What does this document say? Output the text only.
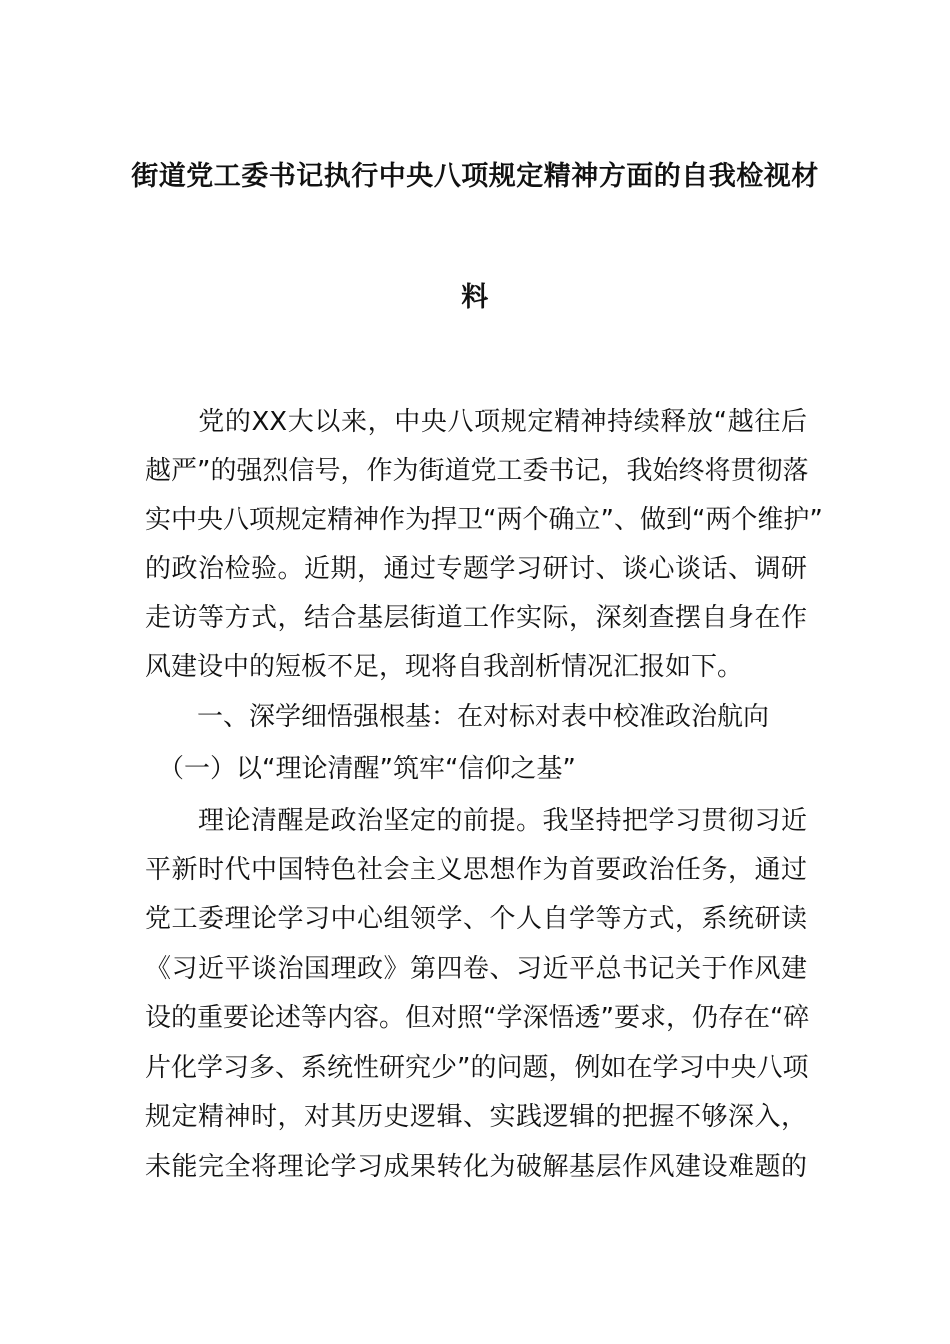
街道党工委书记执行中央八项规定精神方面的自我检视材
料
　　党的XX大以来，中央八项规定精神持续释放“越往后
越严”的强烈信号，作为街道党工委书记，我始终将贯彻落
实中央八项规定精神作为捍卫“两个确立”、做到“两个维护”
的政治检验。近期，通过专题学习研讨、谈心谈话、调研
走访等方式，结合基层街道工作实际，深刻查摆自身在作
风建设中的短板不足，现将自我剖析情况汇报如下。
　　一、深学细悟强根基：在对标对表中校准政治航向
　（一）以“理论清醒”筑牢“信仰之基”
　　理论清醒是政治坚定的前提。我坚持把学习贯彻习近
平新时代中国特色社会主义思想作为首要政治任务，通过
党工委理论学习中心组领学、个人自学等方式，系统研读
《习近平谈治国理政》第四卷、习近平总书记关于作风建
设的重要论述等内容。但对照“学深悟透”要求，仍存在“碎
片化学习多、系统性研究少”的问题，例如在学习中央八项
规定精神时，对其历史逻辑、实践逻辑的把握不够深入，
未能完全将理论学习成果转化为破解基层作风建设难题的
